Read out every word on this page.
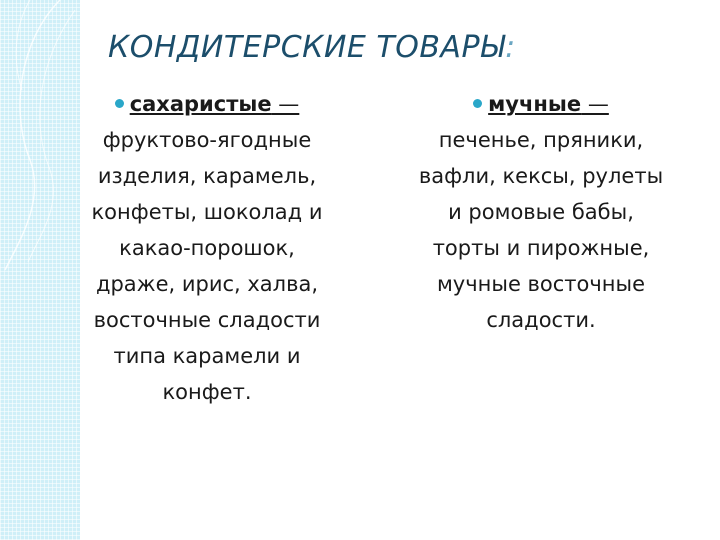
КОНДИТЕРСКИЕ ТОВАРЫ:
сахаристые —
фруктово-ягодные
изделия, карамель,
конфеты, шоколад и
какао-порошок,
драже, ирис, халва,
восточные сладости
типа карамели и
конфет.
мучные —
печенье, пряники,
вафли, кексы, рулеты
и ромовые бабы,
торты и пирожные,
мучные восточные
сладости.
